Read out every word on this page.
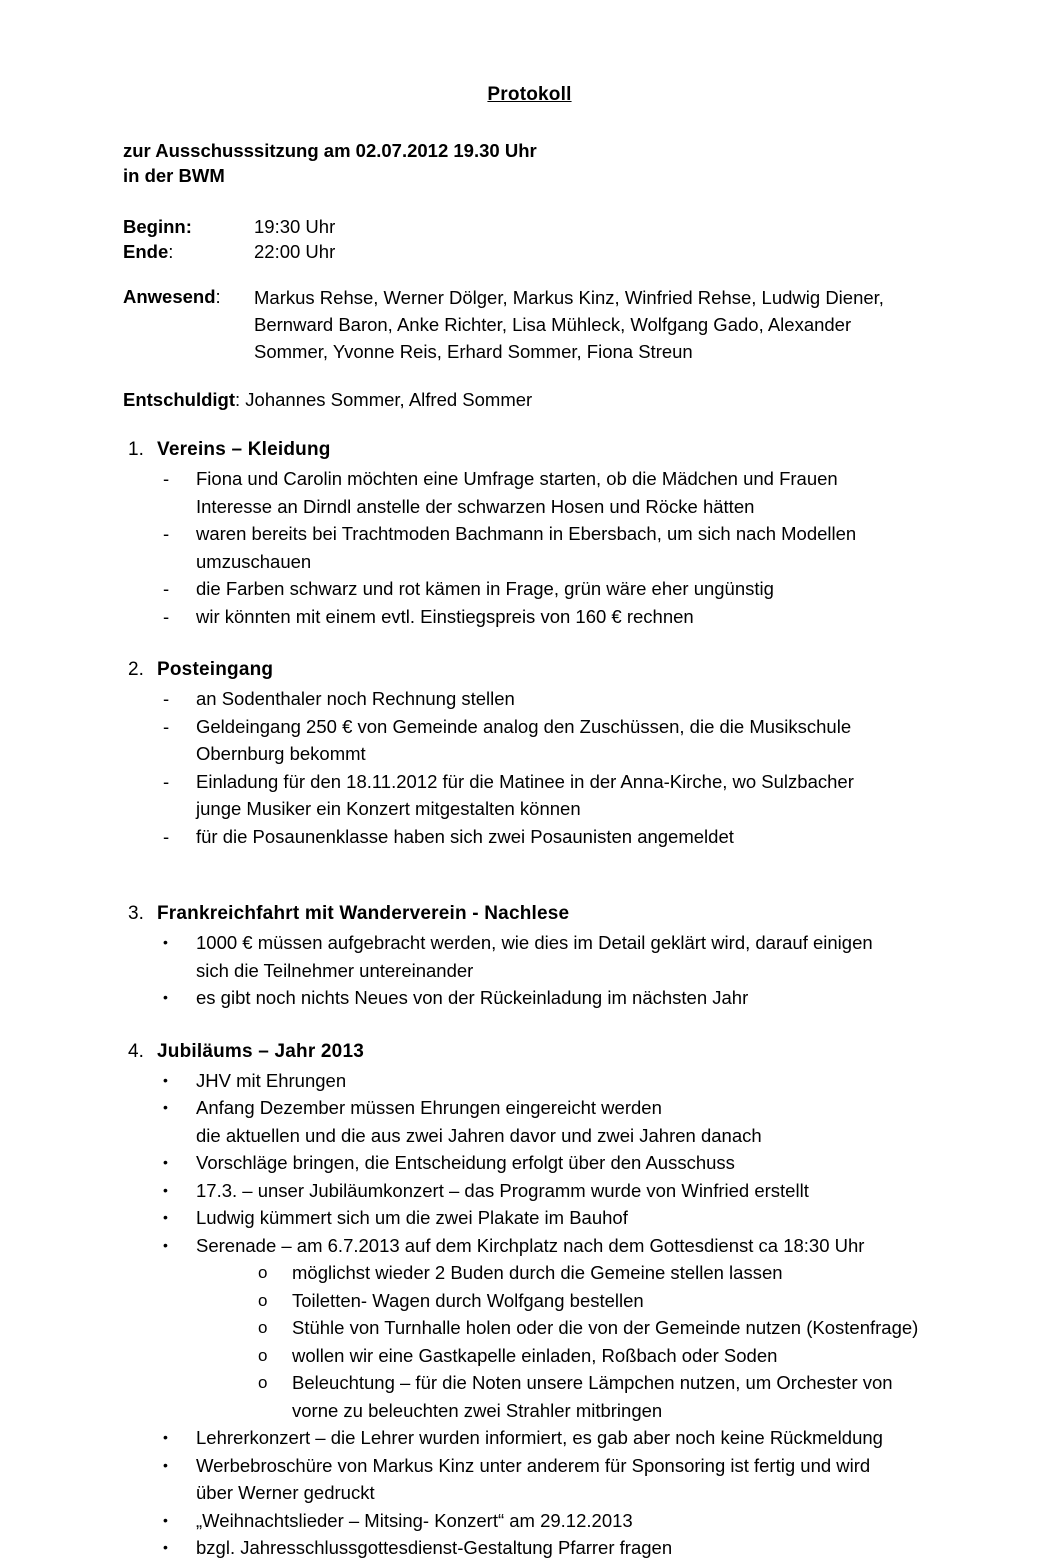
Protokoll
zur Ausschusssitzung am 02.07.2012 19.30 Uhr
in der BWM
Beginn:	19:30 Uhr
Ende:	22:00 Uhr
Anwesend:	Markus Rehse, Werner Dölger, Markus Kinz, Winfried Rehse, Ludwig Diener,
Bernward Baron, Anke Richter, Lisa Mühleck, Wolfgang Gado, Alexander
Sommer, Yvonne Reis, Erhard Sommer, Fiona Streun
Entschuldigt: Johannes Sommer, Alfred Sommer
1. Vereins – Kleidung
-	Fiona und Carolin möchten eine Umfrage starten, ob die Mädchen und Frauen
Interesse an Dirndl anstelle der schwarzen Hosen und Röcke hätten
-	waren bereits bei Trachtmoden Bachmann in Ebersbach, um sich nach Modellen
umzuschauen
-	die Farben schwarz und rot kämen in Frage, grün wäre eher ungünstig
-	wir könnten mit einem evtl. Einstiegspreis von 160 € rechnen
2. Posteingang
-	an Sodenthaler noch Rechnung stellen
-	Geldeingang 250 € von Gemeinde analog den Zuschüssen, die die Musikschule
Obernburg bekommt
-	Einladung für den 18.11.2012 für die Matinee in der Anna-Kirche, wo Sulzbacher
junge Musiker ein Konzert mitgestalten können
-	für die Posaunenklasse haben sich zwei Posaunisten angemeldet
3. Frankreichfahrt mit Wanderverein - Nachlese
•	1000 € müssen aufgebracht werden, wie dies im Detail geklärt wird, darauf einigen
sich die Teilnehmer untereinander
•	es gibt noch nichts Neues von der Rückeinladung im nächsten Jahr
4. Jubiläums – Jahr 2013
•	JHV mit Ehrungen
•	Anfang Dezember müssen Ehrungen eingereicht werden
die aktuellen und die aus zwei Jahren davor und zwei Jahren danach
•	Vorschläge bringen, die Entscheidung erfolgt über den Ausschuss
•	17.3. – unser Jubiläumkonzert – das Programm wurde von Winfried erstellt
•	Ludwig kümmert sich um die zwei Plakate im Bauhof
•	Serenade – am 6.7.2013 auf dem Kirchplatz nach dem Gottesdienst ca 18:30 Uhr
o	möglichst wieder 2 Buden durch die Gemeine stellen lassen
o	Toiletten- Wagen durch Wolfgang bestellen
o	Stühle von Turnhalle holen oder die von der Gemeinde nutzen (Kostenfrage)
o	wollen wir eine Gastkapelle einladen, Roßbach oder Soden
o	Beleuchtung – für die Noten unsere Lämpchen nutzen, um Orchester von
vorne zu beleuchten zwei Strahler mitbringen
•	Lehrerkonzert – die Lehrer wurden informiert, es gab aber noch keine Rückmeldung
•	Werbebroschüre von Markus Kinz unter anderem für Sponsoring ist fertig und wird
über Werner gedruckt
•	„Weihnachtslieder – Mitsing- Konzert“ am 29.12.2013
•	bzgl. Jahresschlussgottesdienst-Gestaltung Pfarrer fragen
